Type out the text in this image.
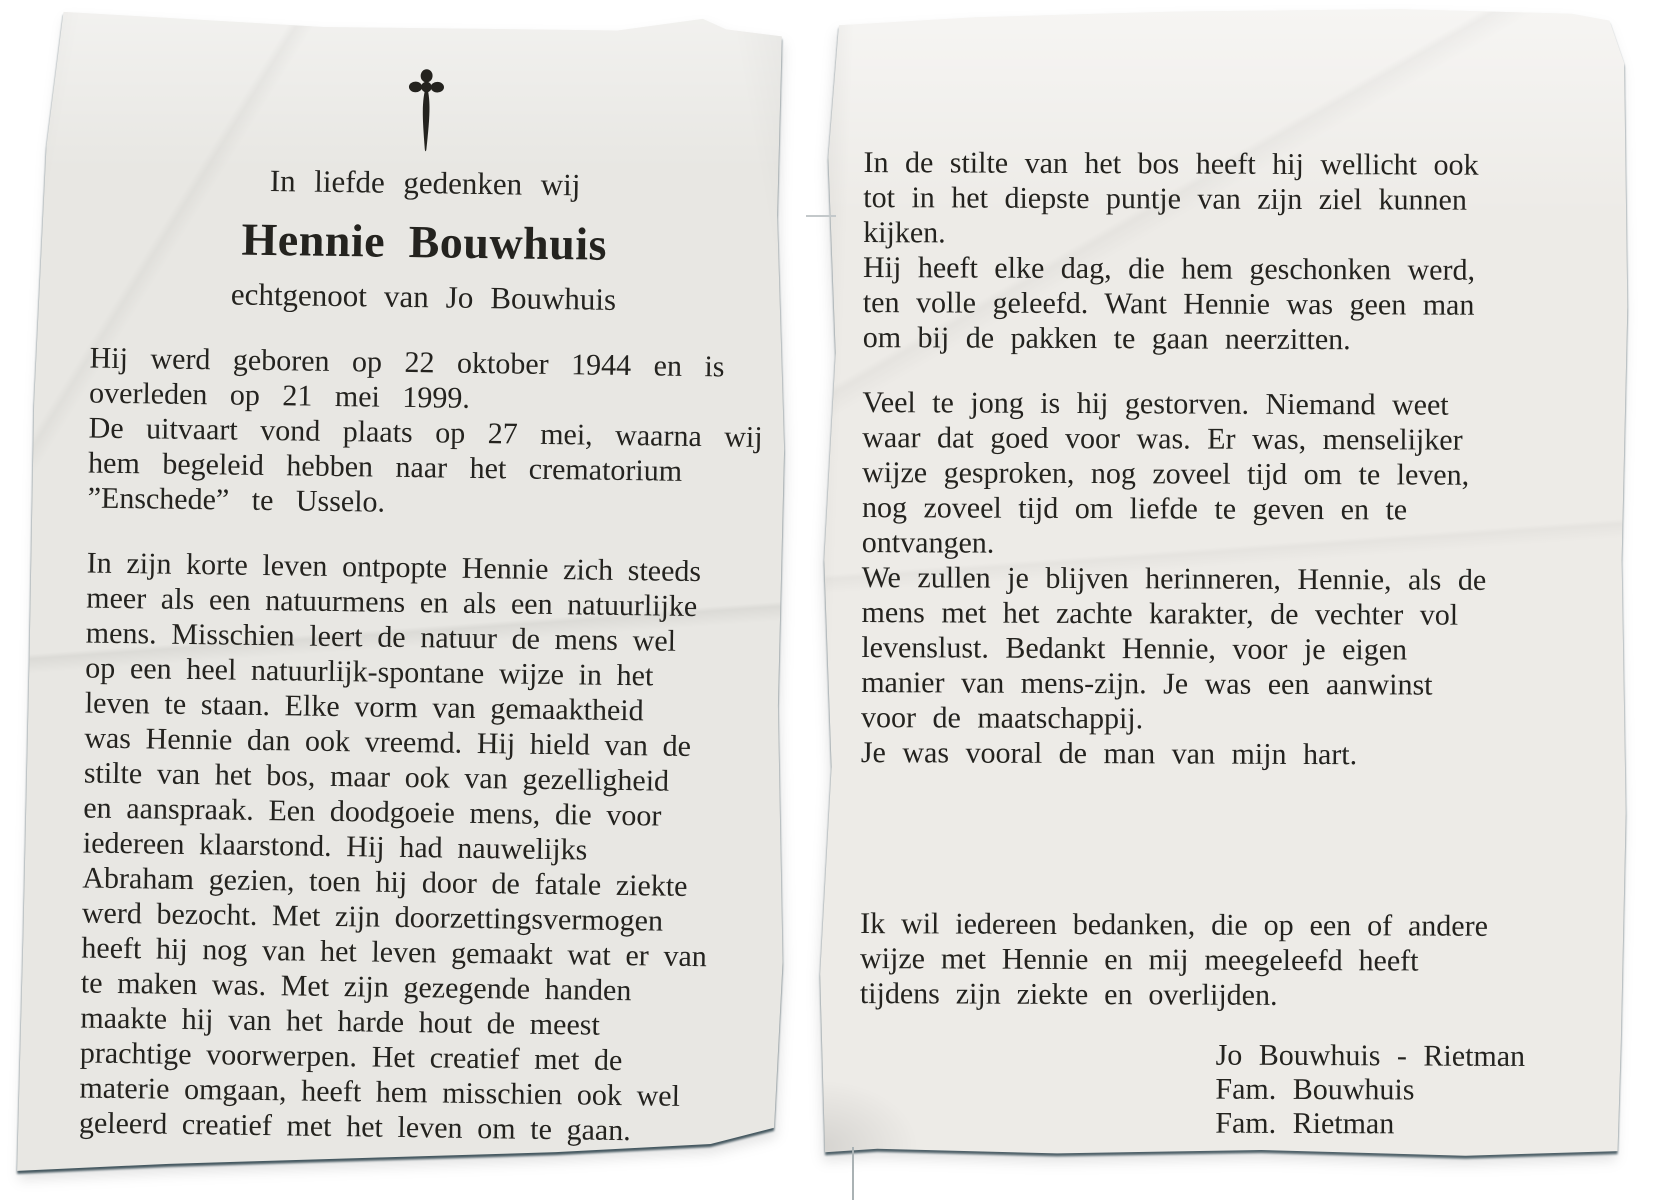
In liefde gedenken wij
Hennie Bouwhuis
echtgenoot van Jo Bouwhuis
Hij werd geboren op 22 oktober 1944 en is
overleden op 21 mei 1999.
De uitvaart vond plaats op 27 mei, waarna wij
hem begeleid hebben naar het crematorium
”Enschede” te Usselo.
In zijn korte leven ontpopte Hennie zich steeds
meer als een natuurmens en als een natuurlijke
mens. Misschien leert de natuur de mens wel
op een heel natuurlijk-spontane wijze in het
leven te staan. Elke vorm van gemaaktheid
was Hennie dan ook vreemd. Hij hield van de
stilte van het bos, maar ook van gezelligheid
en aanspraak. Een doodgoeie mens, die voor
iedereen klaarstond. Hij had nauwelijks
Abraham gezien, toen hij door de fatale ziekte
werd bezocht. Met zijn doorzettingsvermogen
heeft hij nog van het leven gemaakt wat er van
te maken was. Met zijn gezegende handen
maakte hij van het harde hout de meest
prachtige voorwerpen. Het creatief met de
materie omgaan, heeft hem misschien ook wel
geleerd creatief met het leven om te gaan.
In de stilte van het bos heeft hij wellicht ook
tot in het diepste puntje van zijn ziel kunnen
kijken.
Hij heeft elke dag, die hem geschonken werd,
ten volle geleefd. Want Hennie was geen man
om bij de pakken te gaan neerzitten.
Veel te jong is hij gestorven. Niemand weet
waar dat goed voor was. Er was, menselijker
wijze gesproken, nog zoveel tijd om te leven,
nog zoveel tijd om liefde te geven en te
ontvangen.
We zullen je blijven herinneren, Hennie, als de
mens met het zachte karakter, de vechter vol
levenslust. Bedankt Hennie, voor je eigen
manier van mens-zijn. Je was een aanwinst
voor de maatschappij.
Je was vooral de man van mijn hart.
Ik wil iedereen bedanken, die op een of andere
wijze met Hennie en mij meegeleefd heeft
tijdens zijn ziekte en overlijden.
Jo Bouwhuis - Rietman
Fam. Bouwhuis
Fam. Rietman
